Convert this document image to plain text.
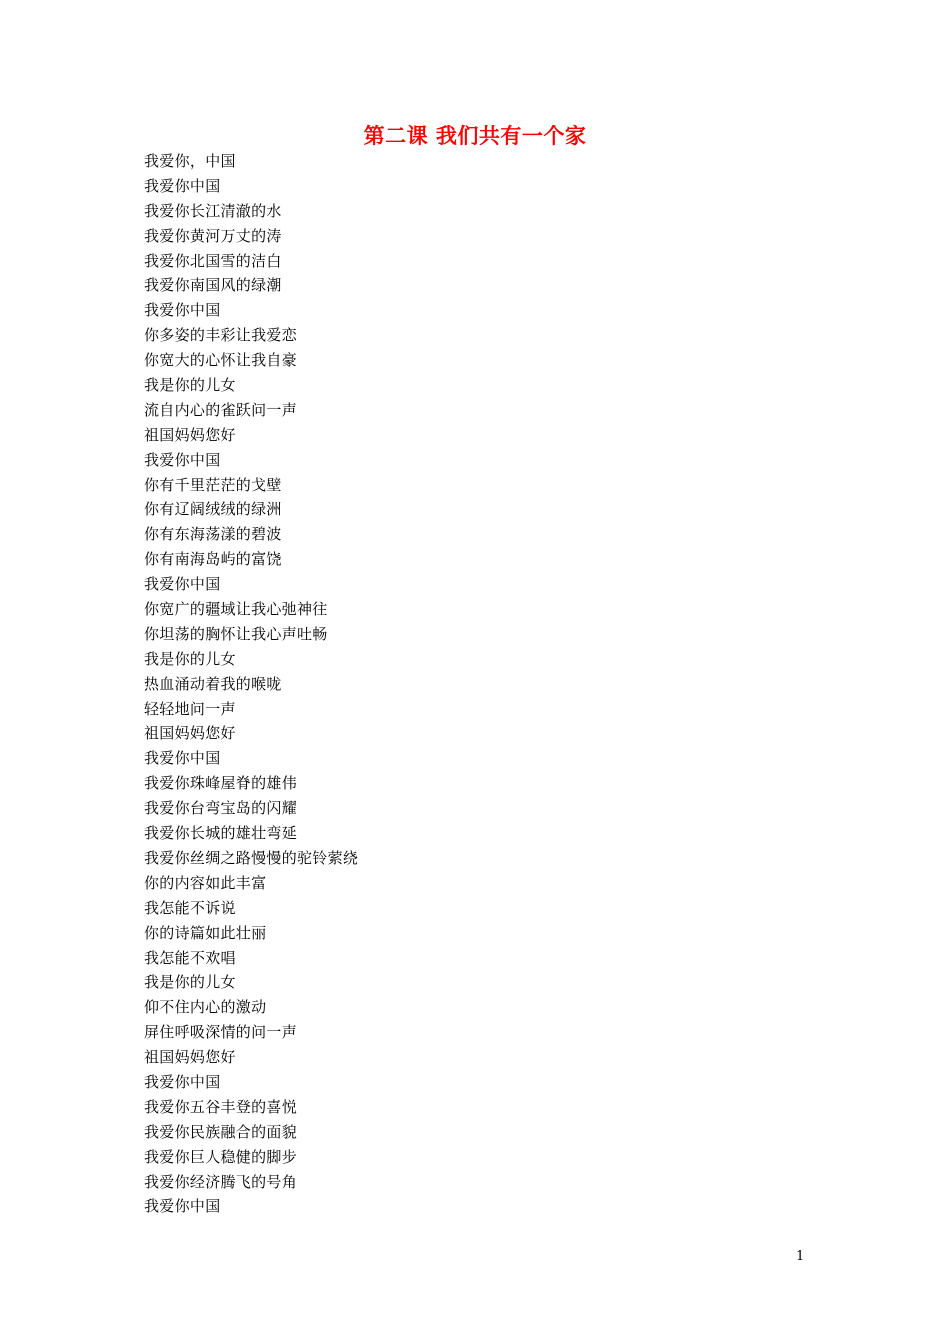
第二课 我们共有一个家
我爱你，中国
我爱你中国
我爱你长江清澈的水
我爱你黄河万丈的涛
我爱你北国雪的洁白
我爱你南国风的绿潮
我爱你中国
你多姿的丰彩让我爱恋
你宽大的心怀让我自豪
我是你的儿女
流自内心的雀跃问一声
祖国妈妈您好
我爱你中国
你有千里茫茫的戈壁
你有辽阔绒绒的绿洲
你有东海荡漾的碧波
你有南海岛屿的富饶
我爱你中国
你宽广的疆域让我心弛神往
你坦荡的胸怀让我心声吐畅
我是你的儿女
热血涌动着我的喉咙
轻轻地问一声
祖国妈妈您好
我爱你中国
我爱你珠峰屋脊的雄伟
我爱你台弯宝岛的闪耀
我爱你长城的雄壮弯延
我爱你丝绸之路慢慢的驼铃萦绕
你的内容如此丰富
我怎能不诉说
你的诗篇如此壮丽
我怎能不欢唱
我是你的儿女
仰不住内心的激动
屏住呼吸深情的问一声
祖国妈妈您好
我爱你中国
我爱你五谷丰登的喜悦
我爱你民族融合的面貌
我爱你巨人稳健的脚步
我爱你经济腾飞的号角
我爱你中国
1
